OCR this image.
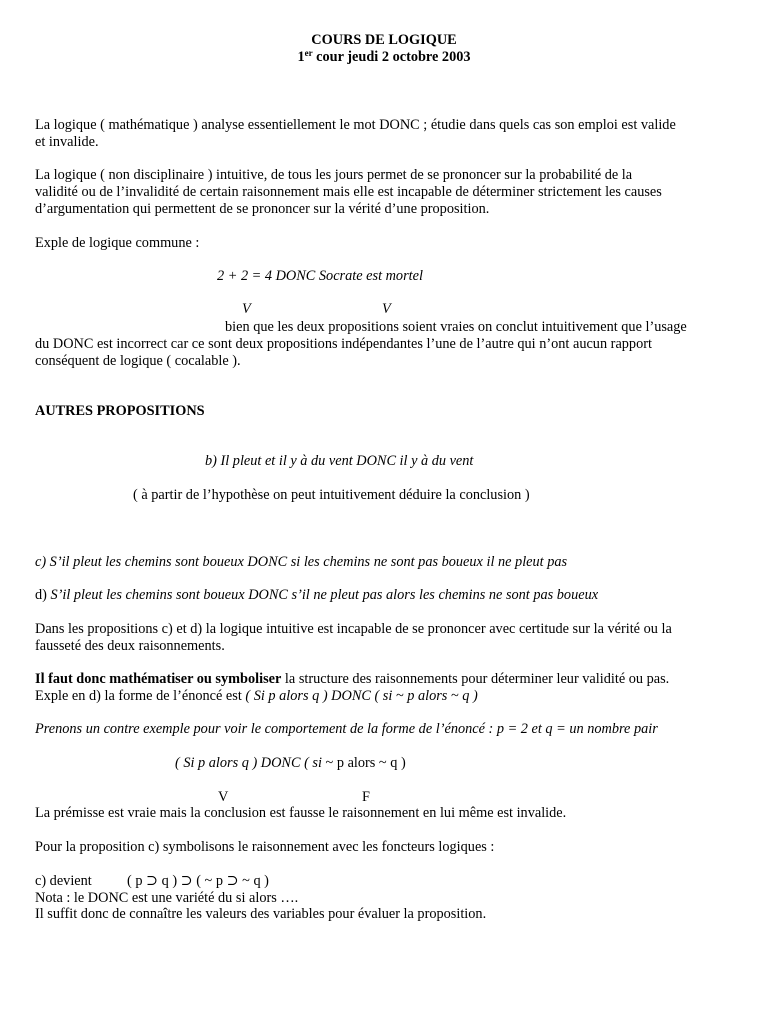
COURS DE LOGIQUE
1er cour jeudi 2 octobre 2003
La logique ( mathématique ) analyse essentiellement le mot DONC ; étudie dans quels cas son emploi est valide
et invalide.
La logique ( non disciplinaire ) intuitive, de tous les jours permet de se prononcer sur la probabilité de la
validité ou de l’invalidité de certain raisonnement mais elle est incapable de déterminer strictement les causes
d’argumentation qui permettent de se prononcer sur la vérité d’une proposition.
Exple de logique commune :
2 + 2 = 4 DONC Socrate est mortel
V	V
bien que les deux propositions soient vraies on conclut intuitivement que l’usage
du DONC est incorrect car ce sont deux propositions indépendantes l’une de l’autre qui n’ont aucun rapport
conséquent de logique ( cocalable ).
AUTRES PROPOSITIONS
b) Il pleut et il y à du vent DONC il y à du vent
( à partir de l’hypothèse on peut intuitivement déduire la conclusion )
c) S’il pleut les chemins sont boueux DONC si les chemins ne sont pas boueux il ne pleut pas
d) S’il pleut les chemins sont boueux DONC s’il ne pleut pas alors les chemins ne sont pas boueux
Dans les propositions c) et d) la logique intuitive est incapable de se prononcer avec certitude sur la vérité ou la
fausseté des deux raisonnements.
Il faut donc mathématiser ou symboliser la structure des raisonnements pour déterminer leur validité ou pas.
Exple en d) la forme de l’énoncé est ( Si p alors q ) DONC ( si ~ p alors ~ q )
Prenons un contre exemple pour voir le comportement de la forme de l’énoncé : p = 2 et q = un nombre pair
( Si p alors q ) DONC ( si ~ p alors ~ q )
V	F
La prémisse est vraie mais la conclusion est fausse le raisonnement en lui même est invalide.
Pour la proposition c) symbolisons le raisonnement avec les foncteurs logiques :
c) devient ( p ⊃ q ) ⊃ ( ~ p ⊃ ~ q )
Nota : le DONC est une variété du si alors ….
Il suffit donc de connaître les valeurs des variables pour évaluer la proposition.
